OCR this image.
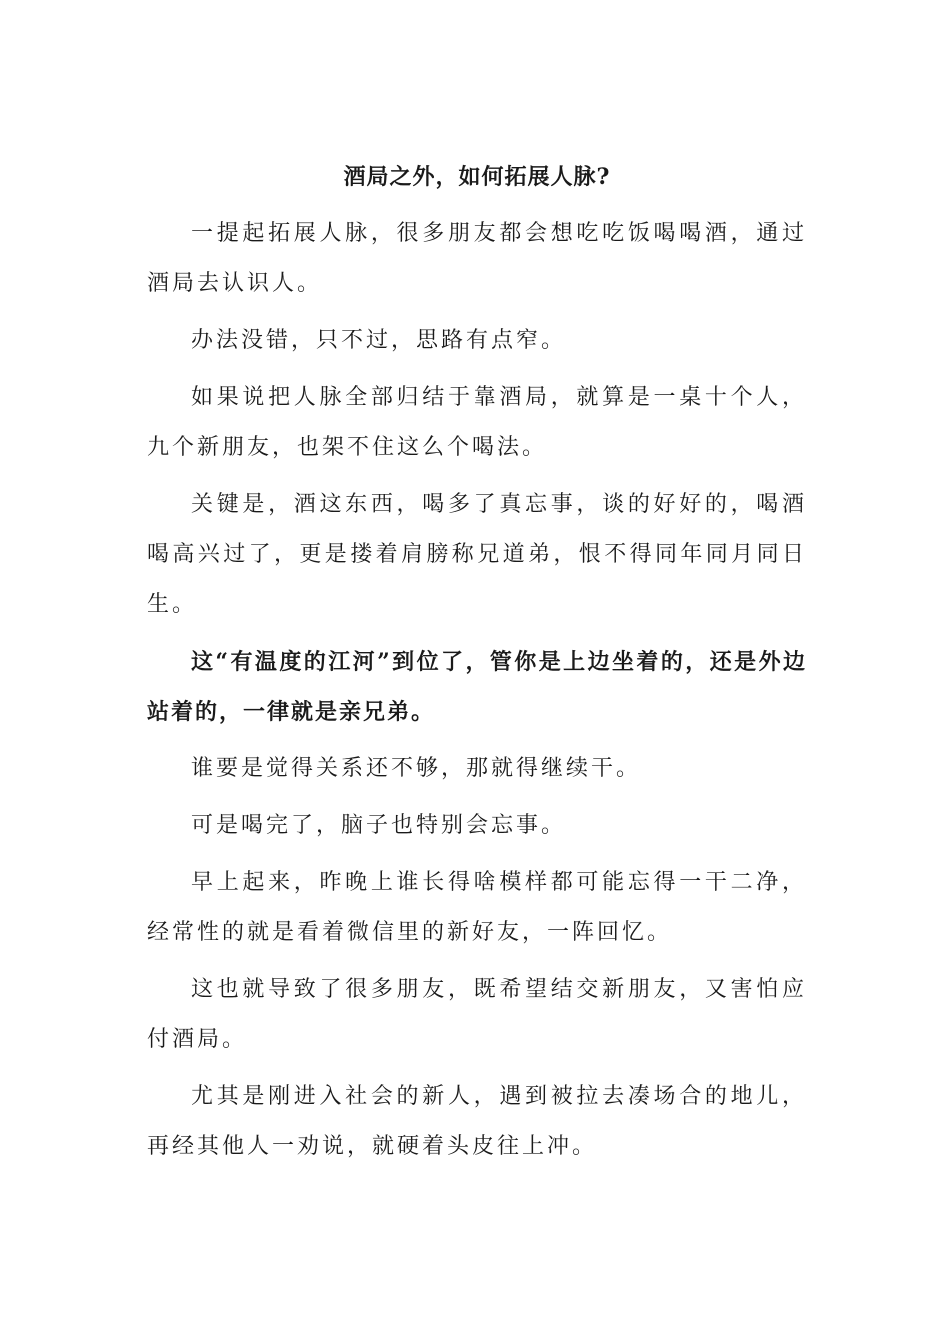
酒局之外，如何拓展人脉?

一提起拓展人脉，很多朋友都会想吃吃饭喝喝酒，通过酒局去认识人。

办法没错，只不过，思路有点窄。

如果说把人脉全部归结于靠酒局，就算是一桌十个人，九个新朋友，也架不住这么个喝法。

关键是，酒这东西，喝多了真忘事，谈的好好的，喝酒喝高兴过了，更是搂着肩膀称兄道弟，恨不得同年同月同日生。

这“有温度的江河”到位了，管你是上边坐着的，还是外边站着的，一律就是亲兄弟。

谁要是觉得关系还不够，那就得继续干。

可是喝完了，脑子也特别会忘事。

早上起来，昨晚上谁长得啥模样都可能忘得一干二净，经常性的就是看着微信里的新好友，一阵回忆。

这也就导致了很多朋友，既希望结交新朋友，又害怕应付酒局。

尤其是刚进入社会的新人，遇到被拉去凑场合的地儿，再经其他人一劝说，就硬着头皮往上冲。
